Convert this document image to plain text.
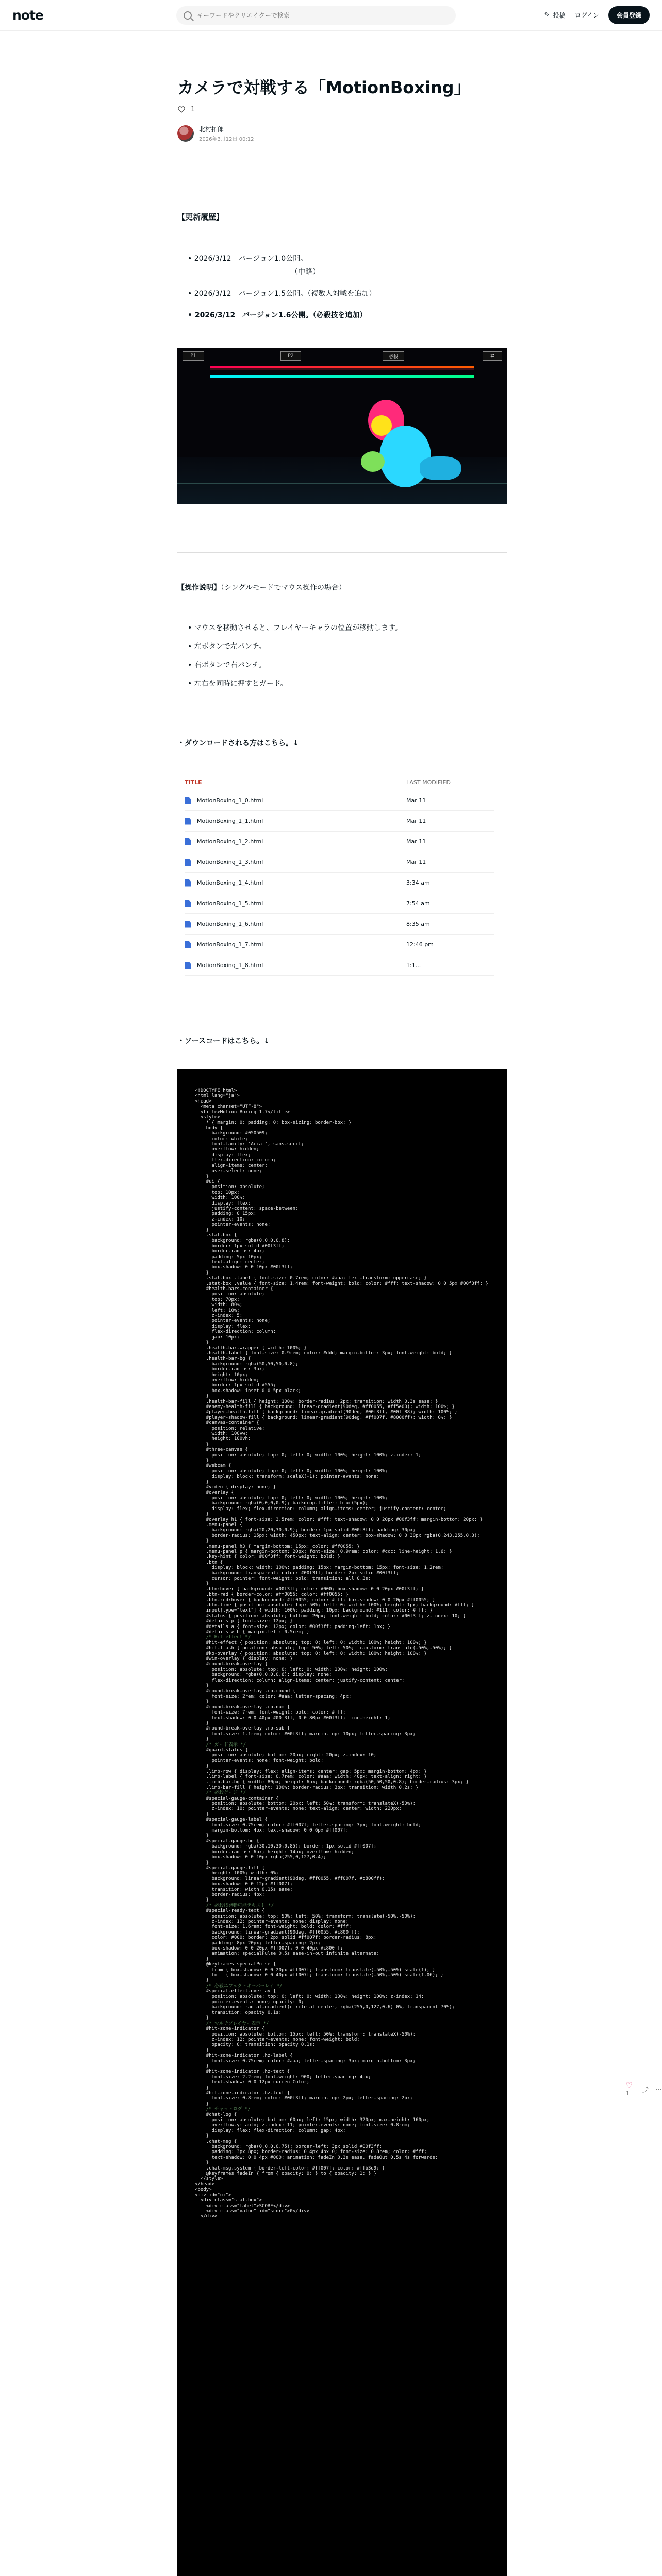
note
キーワードやクリエイターで検索	✎ 投稿 ログイン	会員登録
カメラで対戦する「MotionBoxing」
1
北村拓郎
2026年3月12日 00:12
【更新履歴】
• 2026/3/12　バージョン1.0公開。
（中略）
• 2026/3/12　バージョン1.5公開。（複数人対戦を追加）
• 2026/3/12　バージョン1.6公開。（必殺技を追加）
P1	P2	必殺	⇄
【操作説明】（シングルモードでマウス操作の場合）
• マウスを移動させると、プレイヤーキャラの位置が移動します。
• 左ボタンで左パンチ。
• 右ボタンで右パンチ。
• 左右を同時に押すとガード。
・ダウンロードされる方はこちら。↓
TITLE	LAST MODIFIED
MotionBoxing_1_0.html	Mar 11
MotionBoxing_1_1.html	Mar 11
MotionBoxing_1_2.html	Mar 11
MotionBoxing_1_3.html	Mar 11
MotionBoxing_1_4.html	3:34 am
MotionBoxing_1_5.html	7:54 am
MotionBoxing_1_6.html	8:35 am
MotionBoxing_1_7.html	12:46 pm
MotionBoxing_1_8.html	1:1...
・ソースコードはこちら。↓
<!DOCTYPE html>
<html lang="ja">
<head>
<meta charset="UTF-8">
<title>Motion Boxing 1.7</title>
<style>
* { margin: 0; padding: 0; box-sizing: border-box; }
body {
background: #050509;
color: white;
font-family: 'Arial', sans-serif;
overflow: hidden;
display: flex;
flex-direction: column;
align-items: center;
user-select: none;
}
#ui {
position: absolute;
top: 10px;
width: 100%;
display: flex;
justify-content: space-between;
padding: 0 15px;
z-index: 10;
pointer-events: none;
}
.stat-box {
background: rgba(0,0,0,0.8);
border: 1px solid #00f3ff;
border-radius: 4px;
padding: 5px 10px;
text-align: center;
box-shadow: 0 0 10px #00f3ff;
}
.stat-box .label { font-size: 0.7rem; color: #aaa; text-transform: uppercase; }
.stat-box .value { font-size: 1.4rem; font-weight: bold; color: #fff; text-shadow: 0 0 5px #00f3ff; }
#health-bars-container {
position: absolute;
top: 70px;
width: 80%;
left: 10%;
z-index: 5;
pointer-events: none;
display: flex;
flex-direction: column;
gap: 10px;
}
.health-bar-wrapper { width: 100%; }
.health-label { font-size: 0.9rem; color: #ddd; margin-bottom: 3px; font-weight: bold; }
.health-bar-bg {
background: rgba(50,50,50,0.8);
border-radius: 3px;
height: 10px;
overflow: hidden;
border: 1px solid #555;
box-shadow: inset 0 0 5px black;
}
.health-bar-fill { height: 100%; border-radius: 2px; transition: width 0.3s ease; }
#enemy-health-fill { background: linear-gradient(90deg, #ff0055, #ff5e00); width: 100%; }
#player-health-fill { background: linear-gradient(90deg, #00f3ff, #00ff88); width: 100%; }
#player-shadow-fill { background: linear-gradient(90deg, #ff007f, #8000ff); width: 0%; }
#canvas-container {
position: relative;
width: 100vw;
height: 100vh;
}
#three-canvas {
position: absolute; top: 0; left: 0; width: 100%; height: 100%; z-index: 1;
}
#webcam {
position: absolute; top: 0; left: 0; width: 100%; height: 100%;
display: block; transform: scaleX(-1); pointer-events: none;
}
#video { display: none; }
#overlay {
position: absolute; top: 0; left: 0; width: 100%; height: 100%;
background: rgba(0,0,0,0.9); backdrop-filter: blur(5px);
display: flex; flex-direction: column; align-items: center; justify-content: center;
}
#overlay h1 { font-size: 3.5rem; color: #fff; text-shadow: 0 0 20px #00f3ff; margin-bottom: 20px; }
.menu-panel {
background: rgba(20,20,30,0.9); border: 1px solid #00f3ff; padding: 30px;
border-radius: 15px; width: 450px; text-align: center; box-shadow: 0 0 30px rgba(0,243,255,0.3);
}
.menu-panel h3 { margin-bottom: 15px; color: #ff0055; }
.menu-panel p { margin-bottom: 20px; font-size: 0.9rem; color: #ccc; line-height: 1.6; }
.key-hint { color: #00f3ff; font-weight: bold; }
.btn {
display: block; width: 100%; padding: 15px; margin-bottom: 15px; font-size: 1.2rem;
background: transparent; color: #00f3ff; border: 2px solid #00f3ff;
cursor: pointer; font-weight: bold; transition: all 0.3s;
}
.btn:hover { background: #00f3ff; color: #000; box-shadow: 0 0 20px #00f3ff; }
.btn-red { border-color: #ff0055; color: #ff0055; }
.btn-red:hover { background: #ff0055; color: #fff; box-shadow: 0 0 20px #ff0055; }
.btn-line { position: absolute; top: 50%; left: 0; width: 100%; height: 1px; background: #fff; }
input[type="text"] { width: 100%; padding: 10px; background: #111; color: #fff; }
#status { position: absolute; bottom: 20px; font-weight: bold; color: #00f3ff; z-index: 10; }
#details p { font-size: 12px; }
#details a { font-size: 12px; color: #00f3ff; padding-left: 1px; }
#details > b { margin-left: 0.5rem; }
/* Hit effect */
#hit-effect { position: absolute; top: 0; left: 0; width: 100%; height: 100%; }
#hit-flash { position: absolute; top: 50%; left: 50%; transform: translate(-50%,-50%); }
#ko-overlay { position: absolute; top: 0; left: 0; width: 100%; height: 100%; }
#win-overlay { display: none; }
#round-break-overlay {
position: absolute; top: 0; left: 0; width: 100%; height: 100%;
background: rgba(0,0,0,0.6); display: none;
flex-direction: column; align-items: center; justify-content: center;
}
#round-break-overlay .rb-round {
font-size: 2rem; color: #aaa; letter-spacing: 4px;
}
#round-break-overlay .rb-num {
font-size: 7rem; font-weight: bold; color: #fff;
text-shadow: 0 0 40px #00f3ff, 0 0 80px #00f3ff; line-height: 1;
}
#round-break-overlay .rb-sub {
font-size: 1.1rem; color: #00f3ff; margin-top: 10px; letter-spacing: 3px;
}
/* ガード表示 */
#guard-status {
position: absolute; bottom: 20px; right: 20px; z-index: 10;
pointer-events: none; font-weight: bold;
}
.limb-row { display: flex; align-items: center; gap: 5px; margin-bottom: 4px; }
.limb-label { font-size: 0.7rem; color: #aaa; width: 40px; text-align: right; }
.limb-bar-bg { width: 80px; height: 6px; background: rgba(50,50,50,0.8); border-radius: 3px; }
.limb-bar-fill { height: 100%; border-radius: 3px; transition: width 0.2s; }
/* 必殺ゲージ */
#special-gauge-container {
position: absolute; bottom: 20px; left: 50%; transform: translateX(-50%);
z-index: 10; pointer-events: none; text-align: center; width: 220px;
}
#special-gauge-label {
font-size: 0.75rem; color: #ff007f; letter-spacing: 3px; font-weight: bold;
margin-bottom: 4px; text-shadow: 0 0 6px #ff007f;
}
#special-gauge-bg {
background: rgba(30,10,30,0.85); border: 1px solid #ff007f;
border-radius: 6px; height: 14px; overflow: hidden;
box-shadow: 0 0 10px rgba(255,0,127,0.4);
}
#special-gauge-fill {
height: 100%; width: 0%;
background: linear-gradient(90deg, #ff0055, #ff007f, #c800ff);
box-shadow: 0 0 12px #ff007f;
transition: width 0.15s ease;
border-radius: 4px;
}
/* 必殺技発動可能テキスト */
#special-ready-text {
position: absolute; top: 50%; left: 50%; transform: translate(-50%,-50%);
z-index: 12; pointer-events: none; display: none;
font-size: 1.6rem; font-weight: bold; color: #fff;
background: linear-gradient(90deg, #ff0055, #c800ff);
color: #000; border: 2px solid #ff007f; border-radius: 8px;
padding: 8px 20px; letter-spacing: 2px;
box-shadow: 0 0 20px #ff007f, 0 0 40px #c800ff;
animation: specialPulse 0.5s ease-in-out infinite alternate;
}
@keyframes specialPulse {
from { box-shadow: 0 0 20px #ff007f; transform: translate(-50%,-50%) scale(1); }
to   { box-shadow: 0 0 40px #ff007f; transform: translate(-50%,-50%) scale(1.06); }
}
/* 必殺エフェクトオーバーレイ */
#special-effect-overlay {
position: absolute; top: 0; left: 0; width: 100%; height: 100%; z-index: 14;
pointer-events: none; opacity: 0;
background: radial-gradient(circle at center, rgba(255,0,127,0.6) 0%, transparent 70%);
transition: opacity 0.1s;
}
/* マルチプレイヤー表示 */
#hit-zone-indicator {
position: absolute; bottom: 15px; left: 50%; transform: translateX(-50%);
z-index: 12; pointer-events: none; font-weight: bold;
opacity: 0; transition: opacity 0.1s;
}
#hit-zone-indicator .hz-label {
font-size: 0.75rem; color: #aaa; letter-spacing: 3px; margin-bottom: 3px;
}
#hit-zone-indicator .hz-text {
font-size: 2.2rem; font-weight: 900; letter-spacing: 4px;
text-shadow: 0 0 12px currentColor;
}
#hit-zone-indicator .hz-text {
font-size: 0.8rem; color: #00f3ff; margin-top: 2px; letter-spacing: 2px;
}
/* チャットログ */
#chat-log {
position: absolute; bottom: 60px; left: 15px; width: 320px; max-height: 160px;
overflow-y: auto; z-index: 11; pointer-events: none; font-size: 0.8rem;
display: flex; flex-direction: column; gap: 4px;
}
.chat-msg {
background: rgba(0,0,0,0.75); border-left: 3px solid #00f3ff;
padding: 3px 8px; border-radius: 0 4px 4px 0; font-size: 0.8rem; color: #fff;
text-shadow: 0 0 4px #000; animation: fadeIn 0.3s ease, fadeOut 0.5s 4s forwards;
}
.chat-msg.system { border-left-color: #ff007f; color: #ffb3d9; }
@keyframes fadeIn { from { opacity: 0; } to { opacity: 1; } }
</style>
</head>
<body>
<div id="ui">
<div class="stat-box">
<div class="label">SCORE</div>
<div class="value" id="score">0</div>
</div>
♡ 1
⤴ ⋯
